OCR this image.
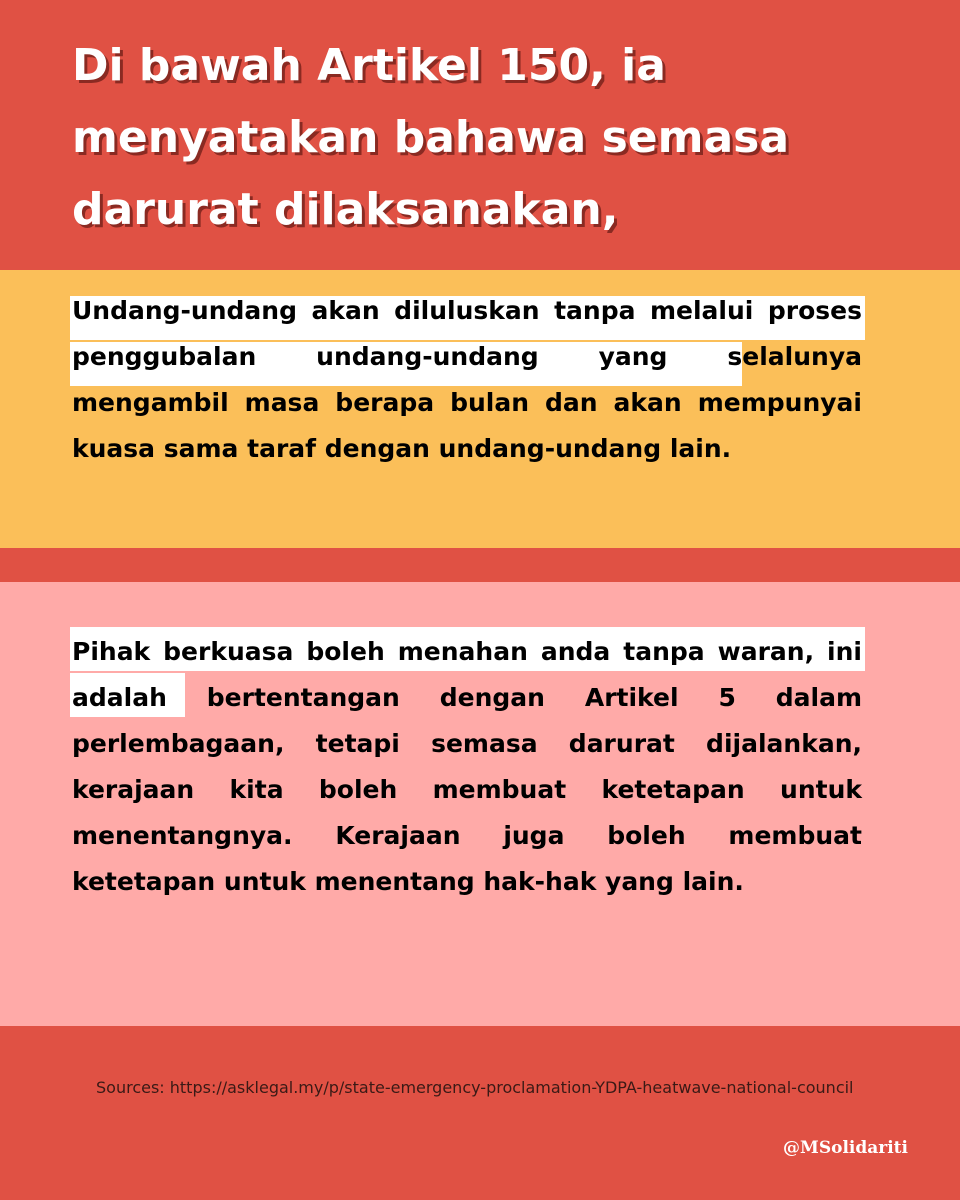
Di bawah Artikel 150, ia menyatakan bahawa semasa darurat dilaksanakan,

Undang-undang akan diluluskan tanpa melalui proses penggubalan undang-undang yang selalunya mengambil masa berapa bulan dan akan mempunyai kuasa sama taraf dengan undang-undang lain.

Pihak berkuasa boleh menahan anda tanpa waran, ini adalah bertentangan dengan Artikel 5 dalam perlembagaan, tetapi semasa darurat dijalankan, kerajaan kita boleh membuat ketetapan untuk menentangnya. Kerajaan juga boleh membuat ketetapan untuk menentang hak-hak yang lain.

Sources: https://asklegal.my/p/state-emergency-proclamation-YDPA-heatwave-national-council

@MSolidariti
